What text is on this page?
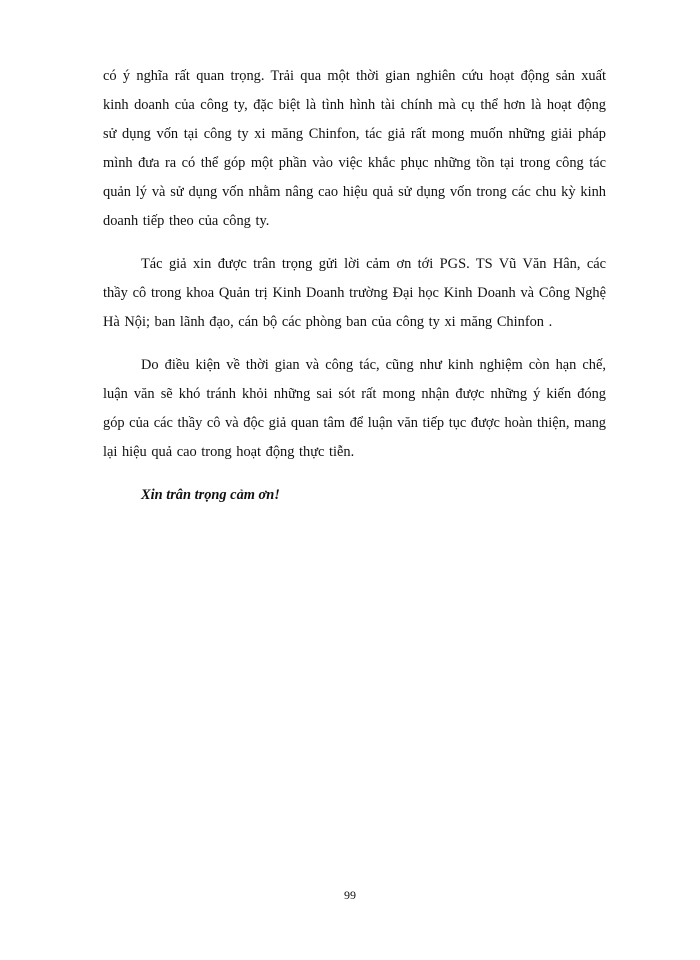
có ý nghĩa rất quan trọng. Trải qua một thời gian nghiên cứu hoạt động sản xuất kinh doanh của công ty, đặc biệt là tình hình tài chính mà cụ thể hơn là hoạt động sử dụng vốn tại công ty xi măng Chinfon, tác giả rất mong muốn những giải pháp mình đưa ra có thể góp một phần vào việc khắc phục những tồn tại trong công tác quản lý và sử dụng vốn nhằm nâng cao hiệu quả sử dụng vốn trong các chu kỳ kinh doanh tiếp theo của công ty.

Tác giả xin được trân trọng gửi lời cảm ơn tới PGS. TS Vũ Văn Hân, các thầy cô trong khoa Quản trị Kinh Doanh trường Đại học Kinh Doanh và Công Nghệ Hà Nội; ban lãnh đạo, cán bộ các phòng ban của công ty xi măng Chinfon .

Do điều kiện về thời gian và công tác, cũng như kinh nghiệm còn hạn chế, luận văn sẽ khó tránh khỏi những sai sót rất mong nhận được những ý kiến đóng góp của các thầy cô và độc giả quan tâm để luận văn tiếp tục được hoàn thiện, mang lại hiệu quả cao trong hoạt động thực tiễn.

Xin trân trọng cảm ơn!

99
